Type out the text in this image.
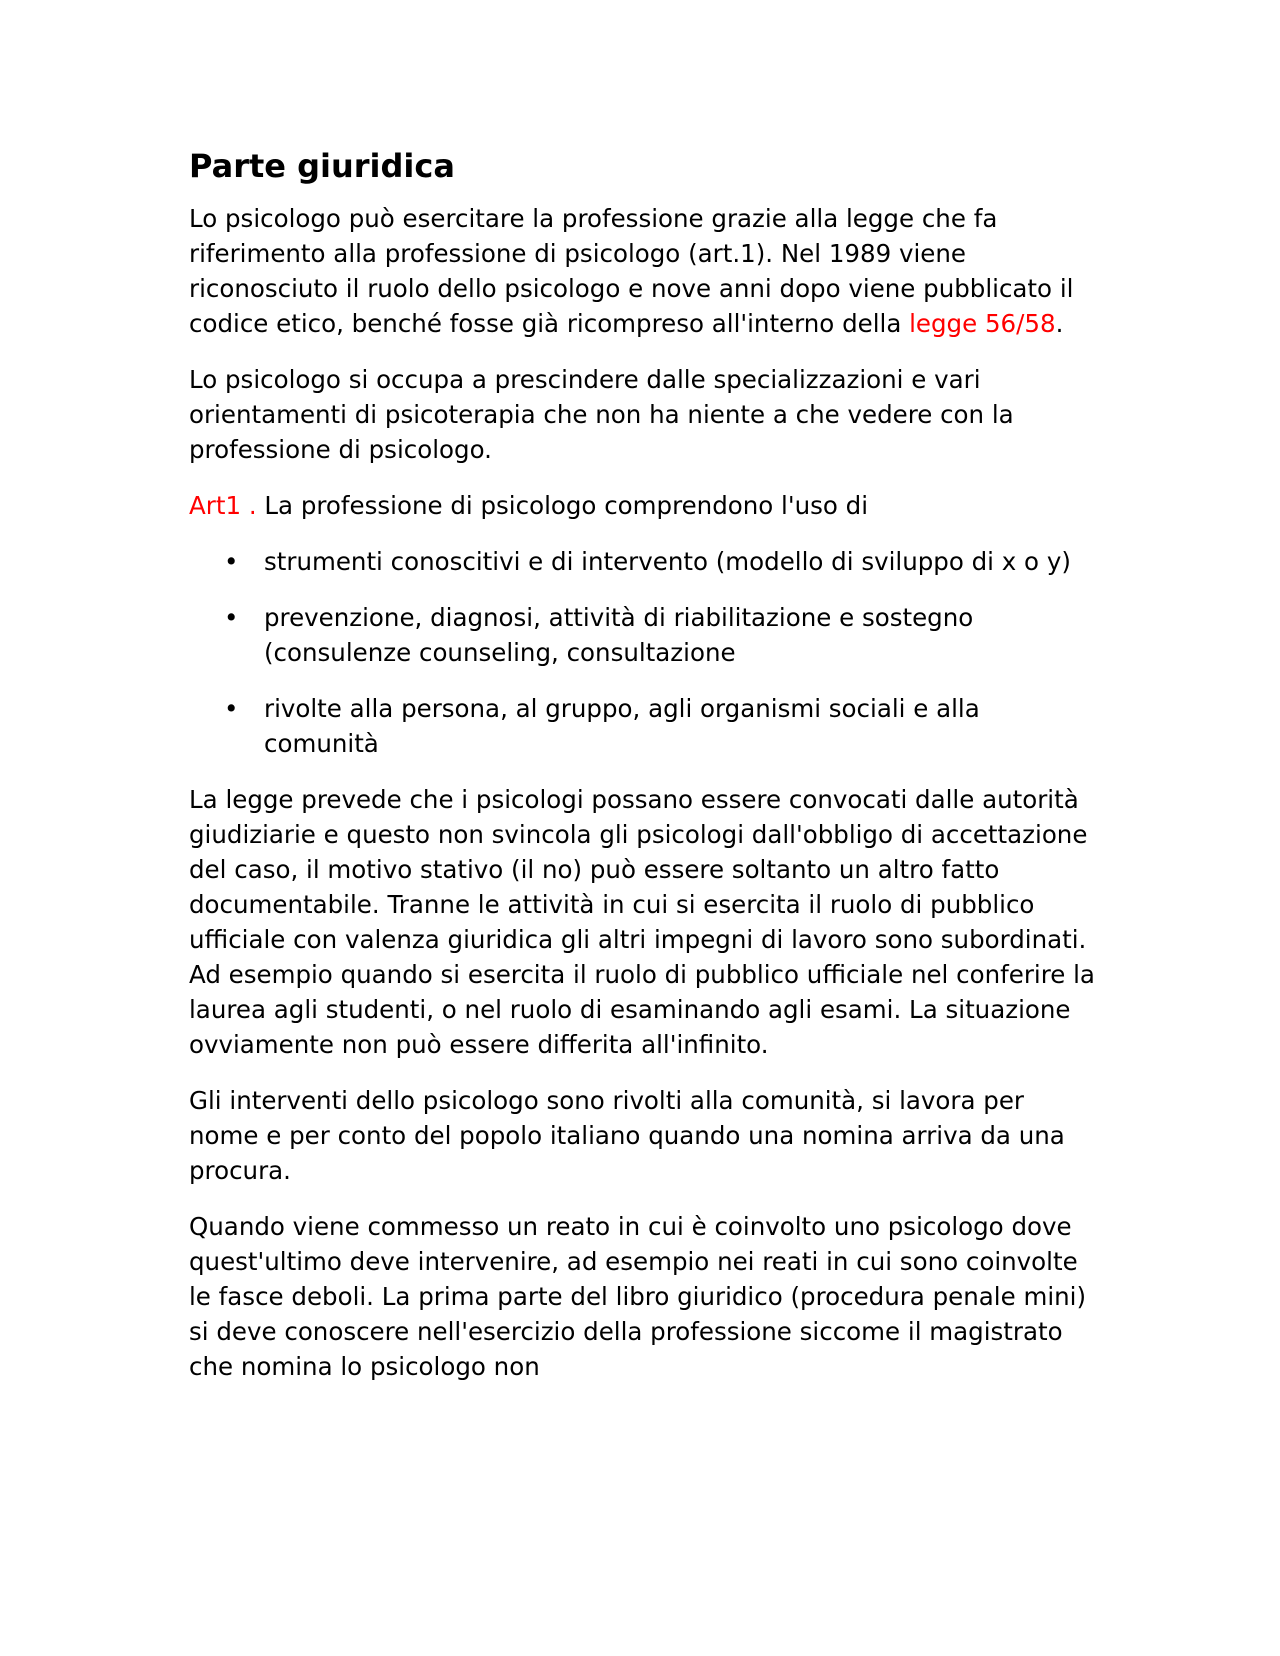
Parte giuridica

Lo psicologo può esercitare la professione grazie alla legge che fa riferimento alla professione di psicologo (art.1). Nel 1989 viene riconosciuto il ruolo dello psicologo e nove anni dopo viene pubblicato il codice etico, benché fosse già ricompreso all'interno della legge 56/58.

Lo psicologo si occupa a prescindere dalle specializzazioni e vari orientamenti di psicoterapia che non ha niente a che vedere con la professione di psicologo.

Art1 . La professione di psicologo comprendono l'uso di

• strumenti conoscitivi e di intervento (modello di sviluppo di x o y)
• prevenzione, diagnosi, attività di riabilitazione e sostegno (consulenze counseling, consultazione
• rivolte alla persona, al gruppo, agli organismi sociali e alla comunità

La legge prevede che i psicologi possano essere convocati dalle autorità giudiziarie e questo non svincola gli psicologi dall'obbligo di accettazione del caso, il motivo stativo (il no) può essere soltanto un altro fatto documentabile. Tranne le attività in cui si esercita il ruolo di pubblico ufficiale con valenza giuridica gli altri impegni di lavoro sono subordinati. Ad esempio quando si esercita il ruolo di pubblico ufficiale nel conferire la laurea agli studenti, o nel ruolo di esaminando agli esami. La situazione ovviamente non può essere differita all'infinito.

Gli interventi dello psicologo sono rivolti alla comunità, si lavora per nome e per conto del popolo italiano quando una nomina arriva da una procura.

Quando viene commesso un reato in cui è coinvolto uno psicologo dove quest'ultimo deve intervenire, ad esempio nei reati in cui sono coinvolte le fasce deboli. La prima parte del libro giuridico (procedura penale mini) si deve conoscere nell'esercizio della professione siccome il magistrato che nomina lo psicologo non
